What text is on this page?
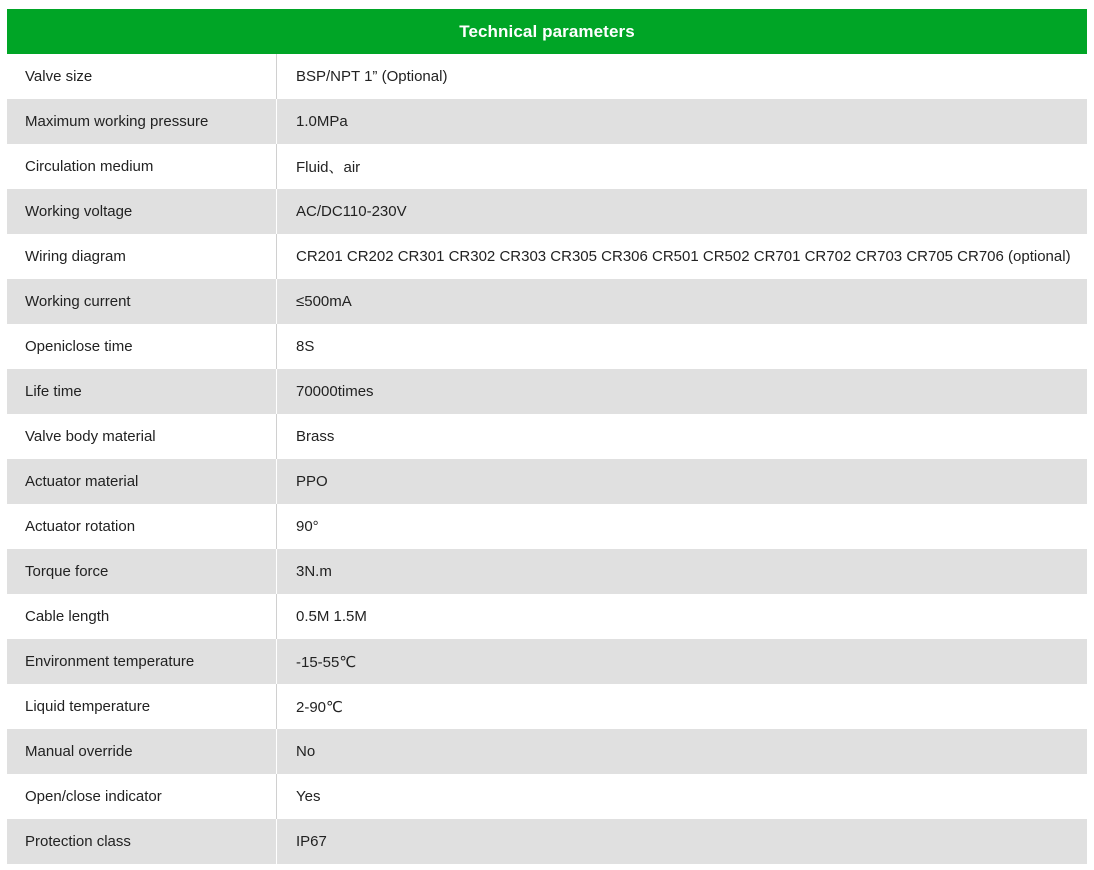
Technical parameters
Valve size	BSP/NPT 1” (Optional)
Maximum working pressure	1.0MPa
Circulation medium	Fluid、air
Working voltage	AC/DC110-230V
Wiring diagram	CR201 CR202 CR301 CR302 CR303 CR305 CR306 CR501 CR502 CR701 CR702 CR703 CR705 CR706 (optional)
Working current	≤500mA
Openiclose time	8S
Life time	70000times
Valve body material	Brass
Actuator material	PPO
Actuator rotation	90°
Torque force	3N.m
Cable length	0.5M 1.5M
Environment temperature	-15-55℃
Liquid temperature	2-90℃
Manual override	No
Open/close indicator	Yes
Protection class	IP67
